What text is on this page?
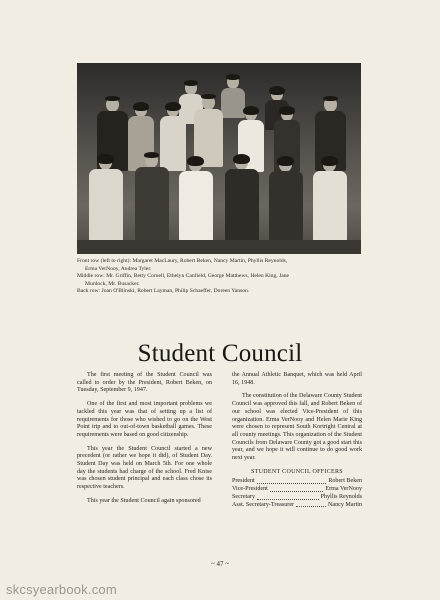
Front row (left to right): Margaret MacLaury, Robert Beken, Nancy Martin, Phyllis Reynolds,
Erma VerNooy, Andrea Tyler.
Middle row: Mr. Griffin, Betty Cornell, Ethelyn Canfield, George Matthews, Helen King, Jane
Murdock, Mr. Busacker.
Back row: Joan O'Blinski, Robert Layman, Philip Schaeffer, Doreen Yanson.
Student Council

The first meeting of the Student Council was called to order by the President, Robert Beken, on Tuesday, September 9, 1947.

One of the first and most important problems we tackled this year was that of setting up a list of requirements for those who wished to go on the West Point trip and to out-of-town basketball games. These requirements were based on good citizenship.

This year the Student Council started a new precedent (or rather we hope it did), of Student Day. Student Day was held on March 5th. For one whole day the students had charge of the school. Fred Knise was chosen student principal and each class chose its respective teachers.

This year the Student Council again sponsored

the Annual Athletic Banquet, which was held April 16, 1948.

The constitution of the Delaware County Student Council was approved this fall, and Robert Beken of our school was elected Vice-President of this organization. Erma VerNooy and Helen Marie King were chosen to represent South Kortright Central at all county meetings. This organization of the Student Councils from Delaware County got a good start this year, and we hope it will continue to do good work next year.

STUDENT COUNCIL OFFICERS
President	Robert Beken
Vice-President	Erma VerNooy
Secretary	Phyllis Reynolds
Asst. Secretary-Treasurer	Nancy Martin
~ 47 ~
skcsyearbook.com
